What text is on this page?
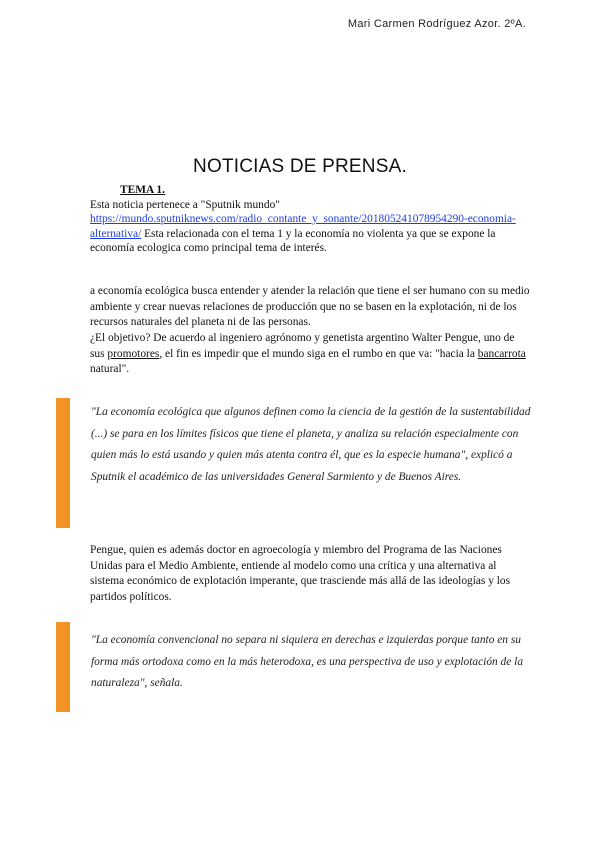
Mari Carmen Rodríguez Azor. 2ºA.
NOTICIAS DE PRENSA.
TEMA 1.
Esta noticia pertenece a "Sputnik mundo"
https://mundo.sputniknews.com/radio_contante_y_sonante/201805241078954290-economia-alternativa/ Esta relacionada con el tema 1 y la economía no violenta ya que se expone la economía ecologica como principal tema de interés.

a economía ecológica busca entender y atender la relación que tiene el ser humano con su medio ambiente y crear nuevas relaciones de producción que no se basen en la explotación, ni de los recursos naturales del planeta ni de las personas.

¿El objetivo? De acuerdo al ingeniero agrónomo y genetista argentino Walter Pengue, uno de sus promotores, el fin es impedir que el mundo siga en el rumbo en que va: "hacia la bancarrota natural".

"La economía ecológica que algunos definen como la ciencia de la gestión de la sustentabilidad (...) se para en los límites físicos que tiene el planeta, y analiza su relación especialmente con quien más lo está usando y quien más atenta contra él, que es la especie humana", explicó a Sputnik el académico de las universidades General Sarmiento y de Buenos Aires.

Pengue, quien es además doctor en agroecología y miembro del Programa de las Naciones Unidas para el Medio Ambiente, entiende al modelo como una crítica y una alternativa al sistema económico de explotación imperante, que trasciende más allá de las ideologías y los partidos políticos.

"La economía convencional no separa ni siquiera en derechas e izquierdas porque tanto en su forma más ortodoxa como en la más heterodoxa, es una perspectiva de uso y explotación de la naturaleza", señala.
